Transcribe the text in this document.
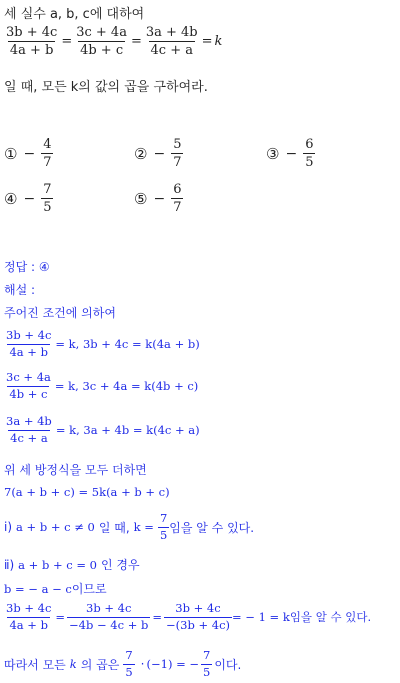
세 실수 a, b, c에 대하여
$\frac{3b + 4c}{4a + b} = \frac{3c + 4a}{4b + c} = \frac{3a + 4b}{4c + a} = k$
일 때, 모든 k의 값의 곱을 구하여라.
① − $\frac{4}{7}$	② − $\frac{5}{7}$	③ − $\frac{6}{5}$
④ − $\frac{7}{5}$	⑤ − $\frac{6}{7}$
정답 : ④
해설 :
주어진 조건에 의하여
$\frac{3b + 4c}{4a + b} = k$, 3b + 4c = k(4a + b)
$\frac{3c + 4a}{4b + c} = k$, 3c + 4a = k(4b + c)
$\frac{3a + 4b}{4c + a} = k$, 3a + 4b = k(4c + a)
위 세 방정식을 모두 더하면
7(a + b + c) = 5k(a + b + c)
ⅰ) a + b + c ≠ 0 일 때, $k = \frac{7}{5}$ 임을 알 수 있다.
ⅱ) a + b + c = 0 인 경우
b = − a − c 이므로
$\frac{3b + 4c}{4a + b} = \frac{3b + 4c}{-4b - 4c + b} = \frac{3b + 4c}{-(3b + 4c)}$ = − 1 = k 임을 알 수 있다.
따라서 모든 k 의 곱은 $\frac{7}{5} \cdot (-1)$ = − $\frac{7}{5}$ 이다.
